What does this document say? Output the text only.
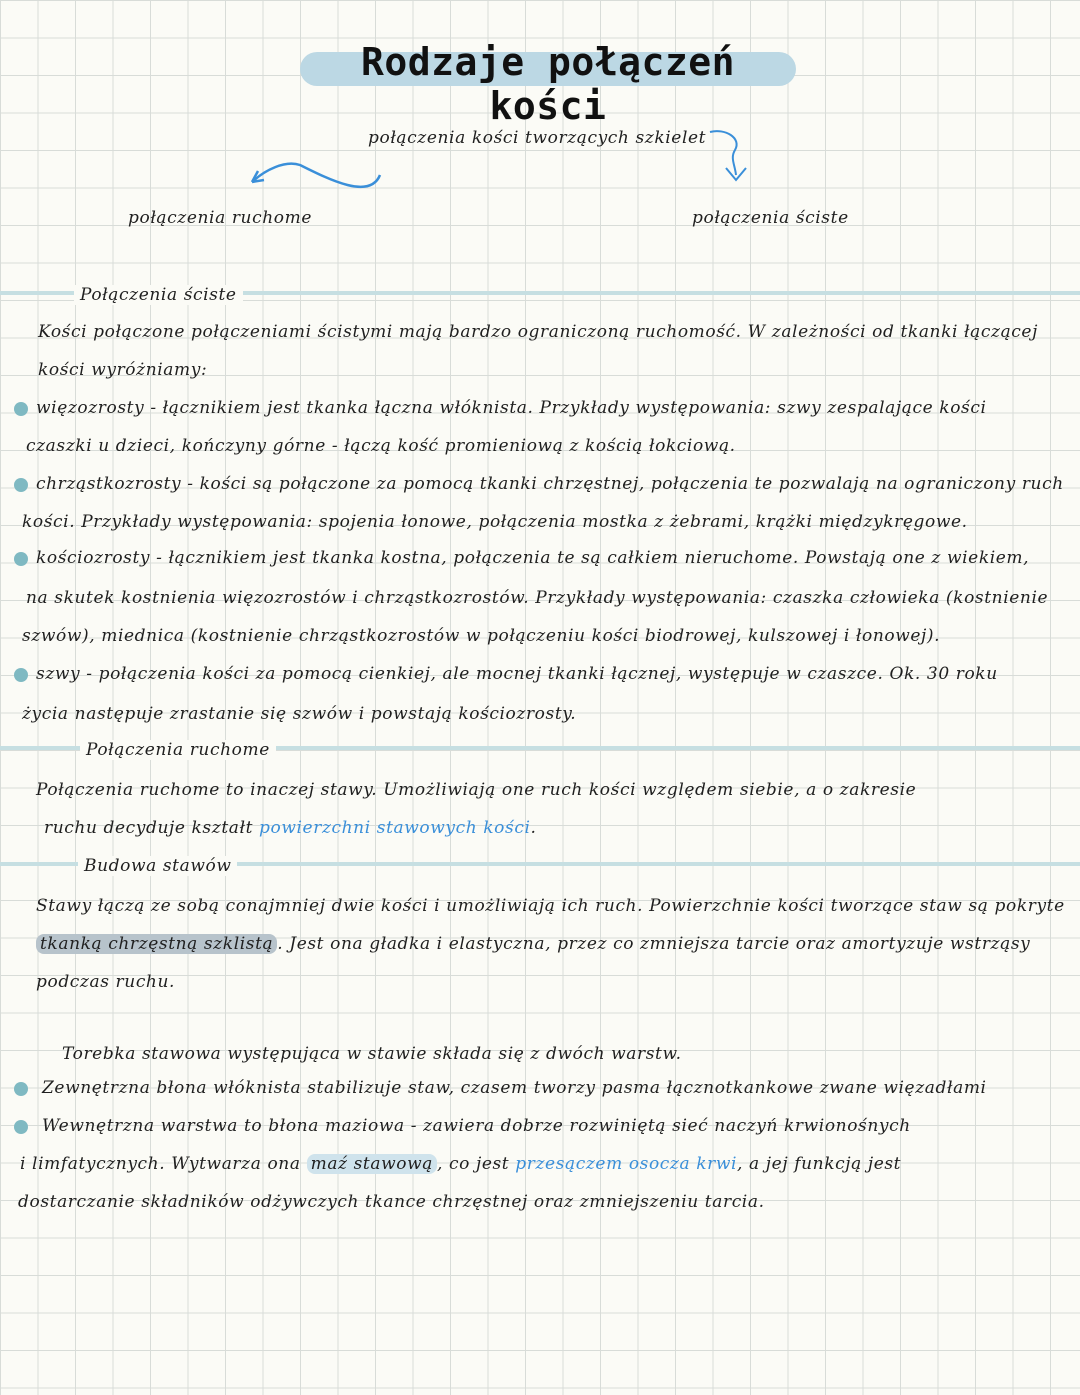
Rodzaje połączeń kości
połączenia kości tworzących szkielet
połączenia ruchome	połączenia ściste
Połączenia ściste
Kości połączone połączeniami ścistymi mają bardzo ograniczoną ruchomość. W zależności od tkanki łączącej
kości wyróżniamy:
więzozrosty - łącznikiem jest tkanka łączna włóknista. Przykłady występowania: szwy zespalające kości
czaszki u dzieci, kończyny górne - łączą kość promieniową z kością łokciową.
chrząstkozrosty - kości są połączone za pomocą tkanki chrzęstnej, połączenia te pozwalają na ograniczony ruch
kości. Przykłady występowania: spojenia łonowe, połączenia mostka z żebrami, krążki międzykręgowe.
kościozrosty - łącznikiem jest tkanka kostna, połączenia te są całkiem nieruchome. Powstają one z wiekiem,
na skutek kostnienia więzozrostów i chrząstkozrostów. Przykłady występowania: czaszka człowieka (kostnienie
szwów), miednica (kostnienie chrząstkozrostów w połączeniu kości biodrowej, kulszowej i łonowej).
szwy - połączenia kości za pomocą cienkiej, ale mocnej tkanki łącznej, występuje w czaszce. Ok. 30 roku
życia następuje zrastanie się szwów i powstają kościozrosty.
Połączenia ruchome
Połączenia ruchome to inaczej stawy. Umożliwiają one ruch kości względem siebie, a o zakresie
ruchu decyduje kształt powierzchni stawowych kości.
Budowa stawów
Stawy łączą ze sobą conajmniej dwie kości i umożliwiają ich ruch. Powierzchnie kości tworzące staw są pokryte
tkanką chrzęstną szklistą . Jest ona gładka i elastyczna, przez co zmniejsza tarcie oraz amortyzuje wstrząsy
podczas ruchu.
Torebka stawowa występująca w stawie składa się z dwóch warstw.
Zewnętrzna błona włóknista stabilizuje staw, czasem tworzy pasma łącznotkankowe zwane więzadłami
Wewnętrzna warstwa to błona maziowa - zawiera dobrze rozwiniętą sieć naczyń krwionośnych
i limfatycznych. Wytwarza ona maź stawową , co jest przesączem osocza krwi, a jej funkcją jest
dostarczanie składników odżywczych tkance chrzęstnej oraz zmniejszeniu tarcia.
